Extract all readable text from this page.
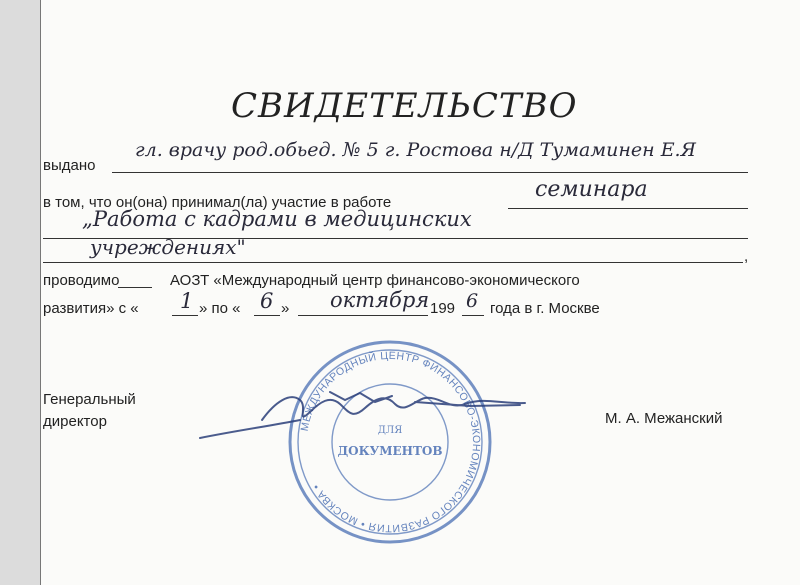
СВИДЕТЕЛЬСТВО
выдано
гл. врачу род.обьед. № 5 г. Ростова н/Д Тумаминен Е.Я
в том, что он(она) принимал(ла) участие в работе
семинара
„Работа с кадрами в медицинских
учреждениях"	,
проводимо	АОЗТ «Международный центр финансово-экономического
развития» с « 1 » по « 6 » октября 199 6 года в г. Москве
Генеральный
директор	М. А. Межанский
МЕЖДУНАРОДНЫЙ ЦЕНТР ФИНАНСОВО-ЭКОНОМИЧЕСКОГО РАЗВИТИЯ • МОСКВА •
ДЛЯ
ДОКУМЕНТОВ
